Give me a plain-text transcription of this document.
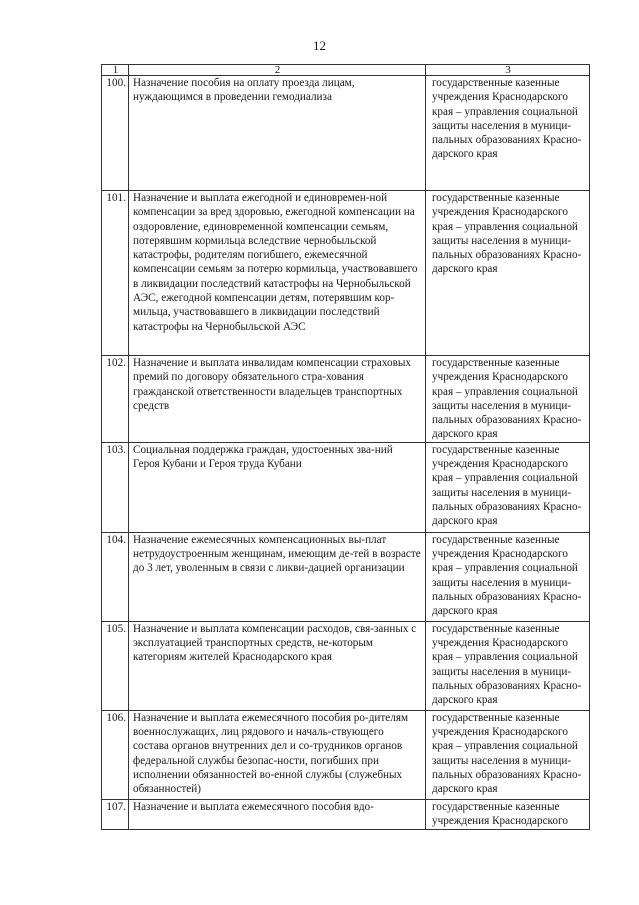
12
1	2	3
100.	Назначение пособия на оплату проезда лицам, нуждающимся в проведении гемодиализа	государственные казенные учреждения Краснодарского края – управления социальной защиты населения в муници-пальных образованиях Красно-дарского края
101.	Назначение и выплата ежегодной и единовремен-ной компенсации за вред здоровью, ежегодной компенсации на оздоровление, единовременной компенсации семьям, потерявшим кормильца вследствие чернобыльской катастрофы, родителям погибшего, ежемесячной компенсации семьям за потерю кормильца, участвовавшего в ликвидации последствий катастрофы на Чернобыльской АЭС, ежегодной компенсации детям, потерявшим кор-мильца, участвовавшего в ликвидации последствий катастрофы на Чернобыльской АЭС	государственные казенные учреждения Краснодарского края – управления социальной защиты населения в муници-пальных образованиях Красно-дарского края
102.	Назначение и выплата инвалидам компенсации страховых премий по договору обязательного стра-хования гражданской ответственности владельцев транспортных средств	государственные казенные учреждения Краснодарского края – управления социальной защиты населения в муници-пальных образованиях Красно-дарского края
103.	Социальная поддержка граждан, удостоенных зва-ний Героя Кубани и Героя труда Кубани	государственные казенные учреждения Краснодарского края – управления социальной защиты населения в муници-пальных образованиях Красно-дарского края
104.	Назначение ежемесячных компенсационных вы-плат нетрудоустроенным женщинам, имеющим де-тей в возрасте до 3 лет, уволенным в связи с ликви-дацией организации	государственные казенные учреждения Краснодарского края – управления социальной защиты населения в муници-пальных образованиях Красно-дарского края
105.	Назначение и выплата компенсации расходов, свя-занных с эксплуатацией транспортных средств, не-которым категориям жителей Краснодарского края	государственные казенные учреждения Краснодарского края – управления социальной защиты населения в муници-пальных образованиях Красно-дарского края
106.	Назначение и выплата ежемесячного пособия ро-дителям военнослужащих, лиц рядового и началь-ствующего состава органов внутренних дел и со-трудников органов федеральной службы безопас-ности, погибших при исполнении обязанностей во-енной службы (служебных обязанностей)	государственные казенные учреждения Краснодарского края – управления социальной защиты населения в муници-пальных образованиях Красно-дарского края
107.	Назначение и выплата ежемесячного пособия вдо-	государственные казенные учреждения Краснодарского
